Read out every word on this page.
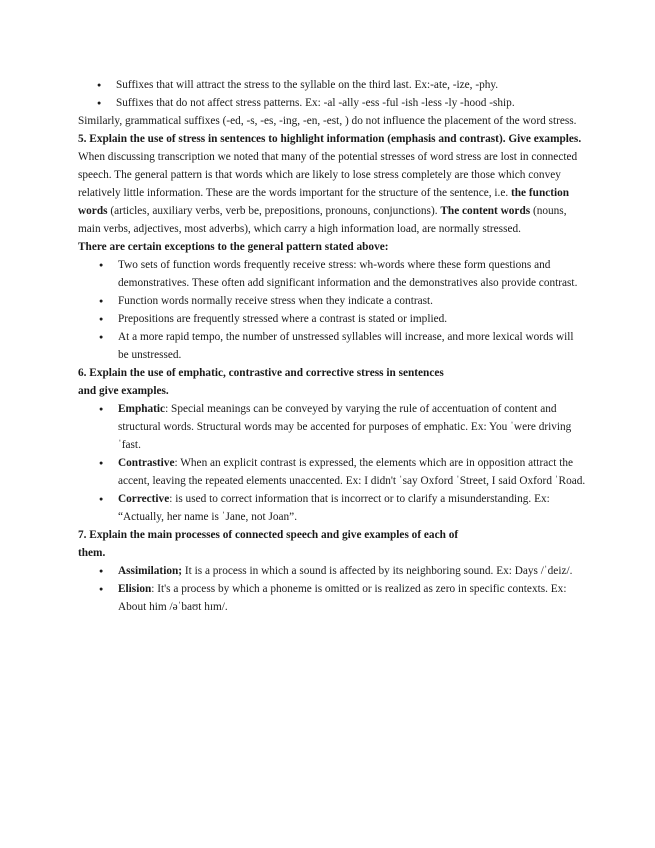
● Suffixes that will attract the stress to the syllable on the third last. Ex:-ate, -ize, -phy.
● Suffixes that do not affect stress patterns. Ex: -al -ally -ess -ful -ish -less -ly -hood -ship.

Similarly, grammatical suffixes (-ed, -s, -es, -ing, -en, -est, ) do not influence the placement of the word stress.

5. Explain the use of stress in sentences to highlight information (emphasis and contrast). Give examples.

When discussing transcription we noted that many of the potential stresses of word stress are lost in connected speech. The general pattern is that words which are likely to lose stress completely are those which convey relatively little information. These are the words important for the structure of the sentence, i.e. the function words (articles, auxiliary verbs, verb be, prepositions, pronouns, conjunctions). The content words (nouns, main verbs, adjectives, most adverbs), which carry a high information load, are normally stressed.

There are certain exceptions to the general pattern stated above:

● Two sets of function words frequently receive stress: wh-words where these form questions and demonstratives. These often add significant information and the demonstratives also provide contrast.
● Function words normally receive stress when they indicate a contrast.
● Prepositions are frequently stressed where a contrast is stated or implied.
● At a more rapid tempo, the number of unstressed syllables will increase, and more lexical words will be unstressed.

6. Explain the use of emphatic, contrastive and corrective stress in sentences

and give examples.

● Emphatic: Special meanings can be conveyed by varying the rule of accentuation of content and structural words. Structural words may be accented for purposes of emphatic. Ex: You ˈwere driving ˈfast.
● Contrastive: When an explicit contrast is expressed, the elements which are in opposition attract the accent, leaving the repeated elements unaccented. Ex: I didn't ˈsay Oxford ˈStreet, I said Oxford ˈRoad.
● Corrective: is used to correct information that is incorrect or to clarify a misunderstanding. Ex: “Actually, her name is ˈJane, not Joan”.

7. Explain the main processes of connected speech and give examples of each of

them.

● Assimilation; It is a process in which a sound is affected by its neighboring sound. Ex: Days /ˈdeiz/.
● Elision: It's a process by which a phoneme is omitted or is realized as zero in specific contexts. Ex: About him /əˈbaʊt hɪm/.
